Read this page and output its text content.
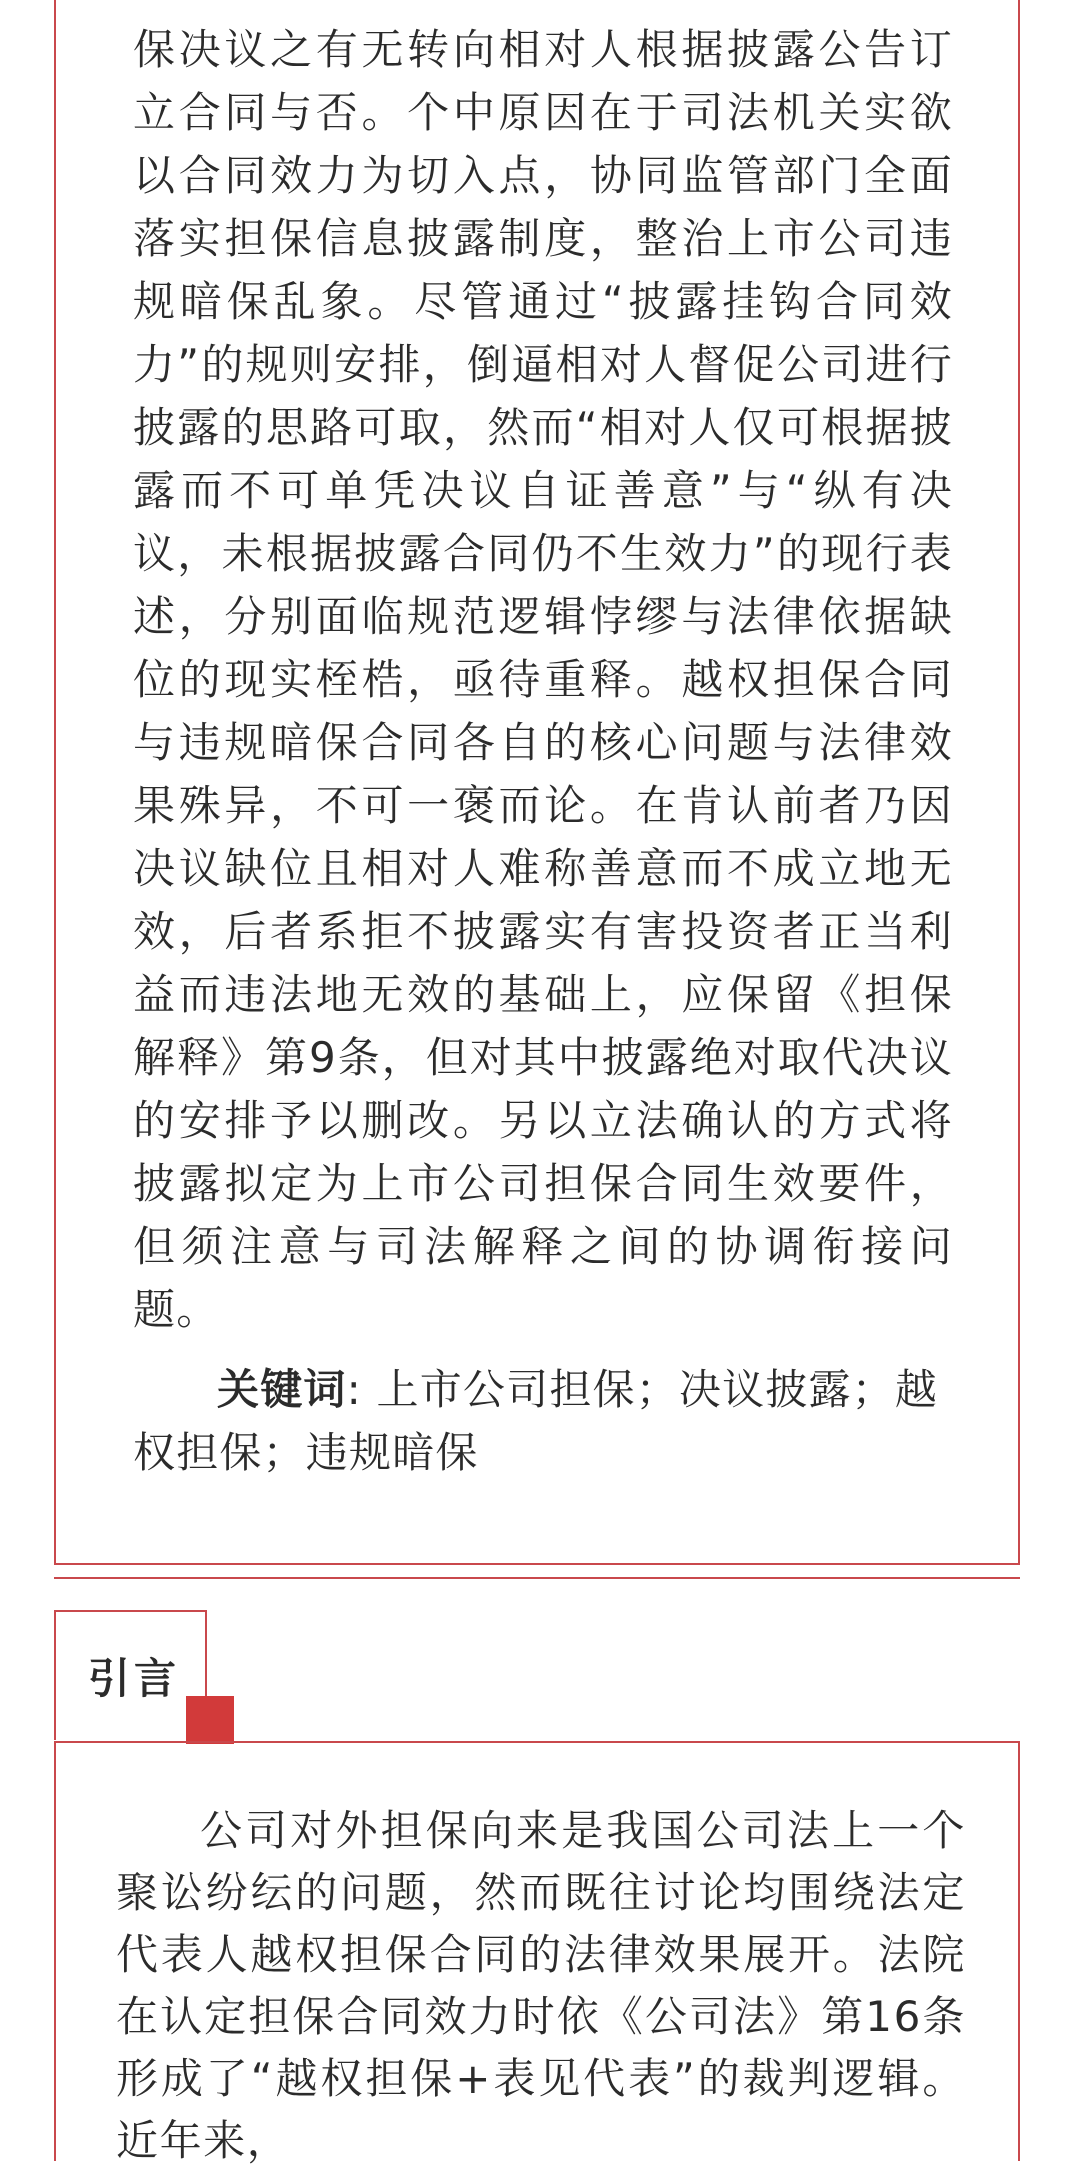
保决议之有无转向相对人根据披露公告订立合同与否。个中原因在于司法机关实欲以合同效力为切入点，协同监管部门全面落实担保信息披露制度，整治上市公司违规暗保乱象。尽管通过“披露挂钩合同效力”的规则安排，倒逼相对人督促公司进行披露的思路可取，然而“相对人仅可根据披露而不可单凭决议自证善意”与“纵有决议，未根据披露合同仍不生效力”的现行表述，分别面临规范逻辑悖缪与法律依据缺位的现实桎梏，亟待重释。越权担保合同与违规暗保合同各自的核心问题与法律效果殊异，不可一褒而论。在肯认前者乃因决议缺位且相对人难称善意而不成立地无效，后者系拒不披露实有害投资者正当利益而违法地无效的基础上，应保留《担保解释》第9条，但对其中披露绝对取代决议的安排予以删改。另以立法确认的方式将披露拟定为上市公司担保合同生效要件，但须注意与司法解释之间的协调衔接问题。

关键词: 上市公司担保；决议披露；越权担保；违规暗保

引言

公司对外担保向来是我国公司法上一个聚讼纷纭的问题，然而既往讨论均围绕法定代表人越权担保合同的法律效果展开。法院在认定担保合同效力时依《公司法》第16条形成了“越权担保+表见代表”的裁判逻辑。近年来，
